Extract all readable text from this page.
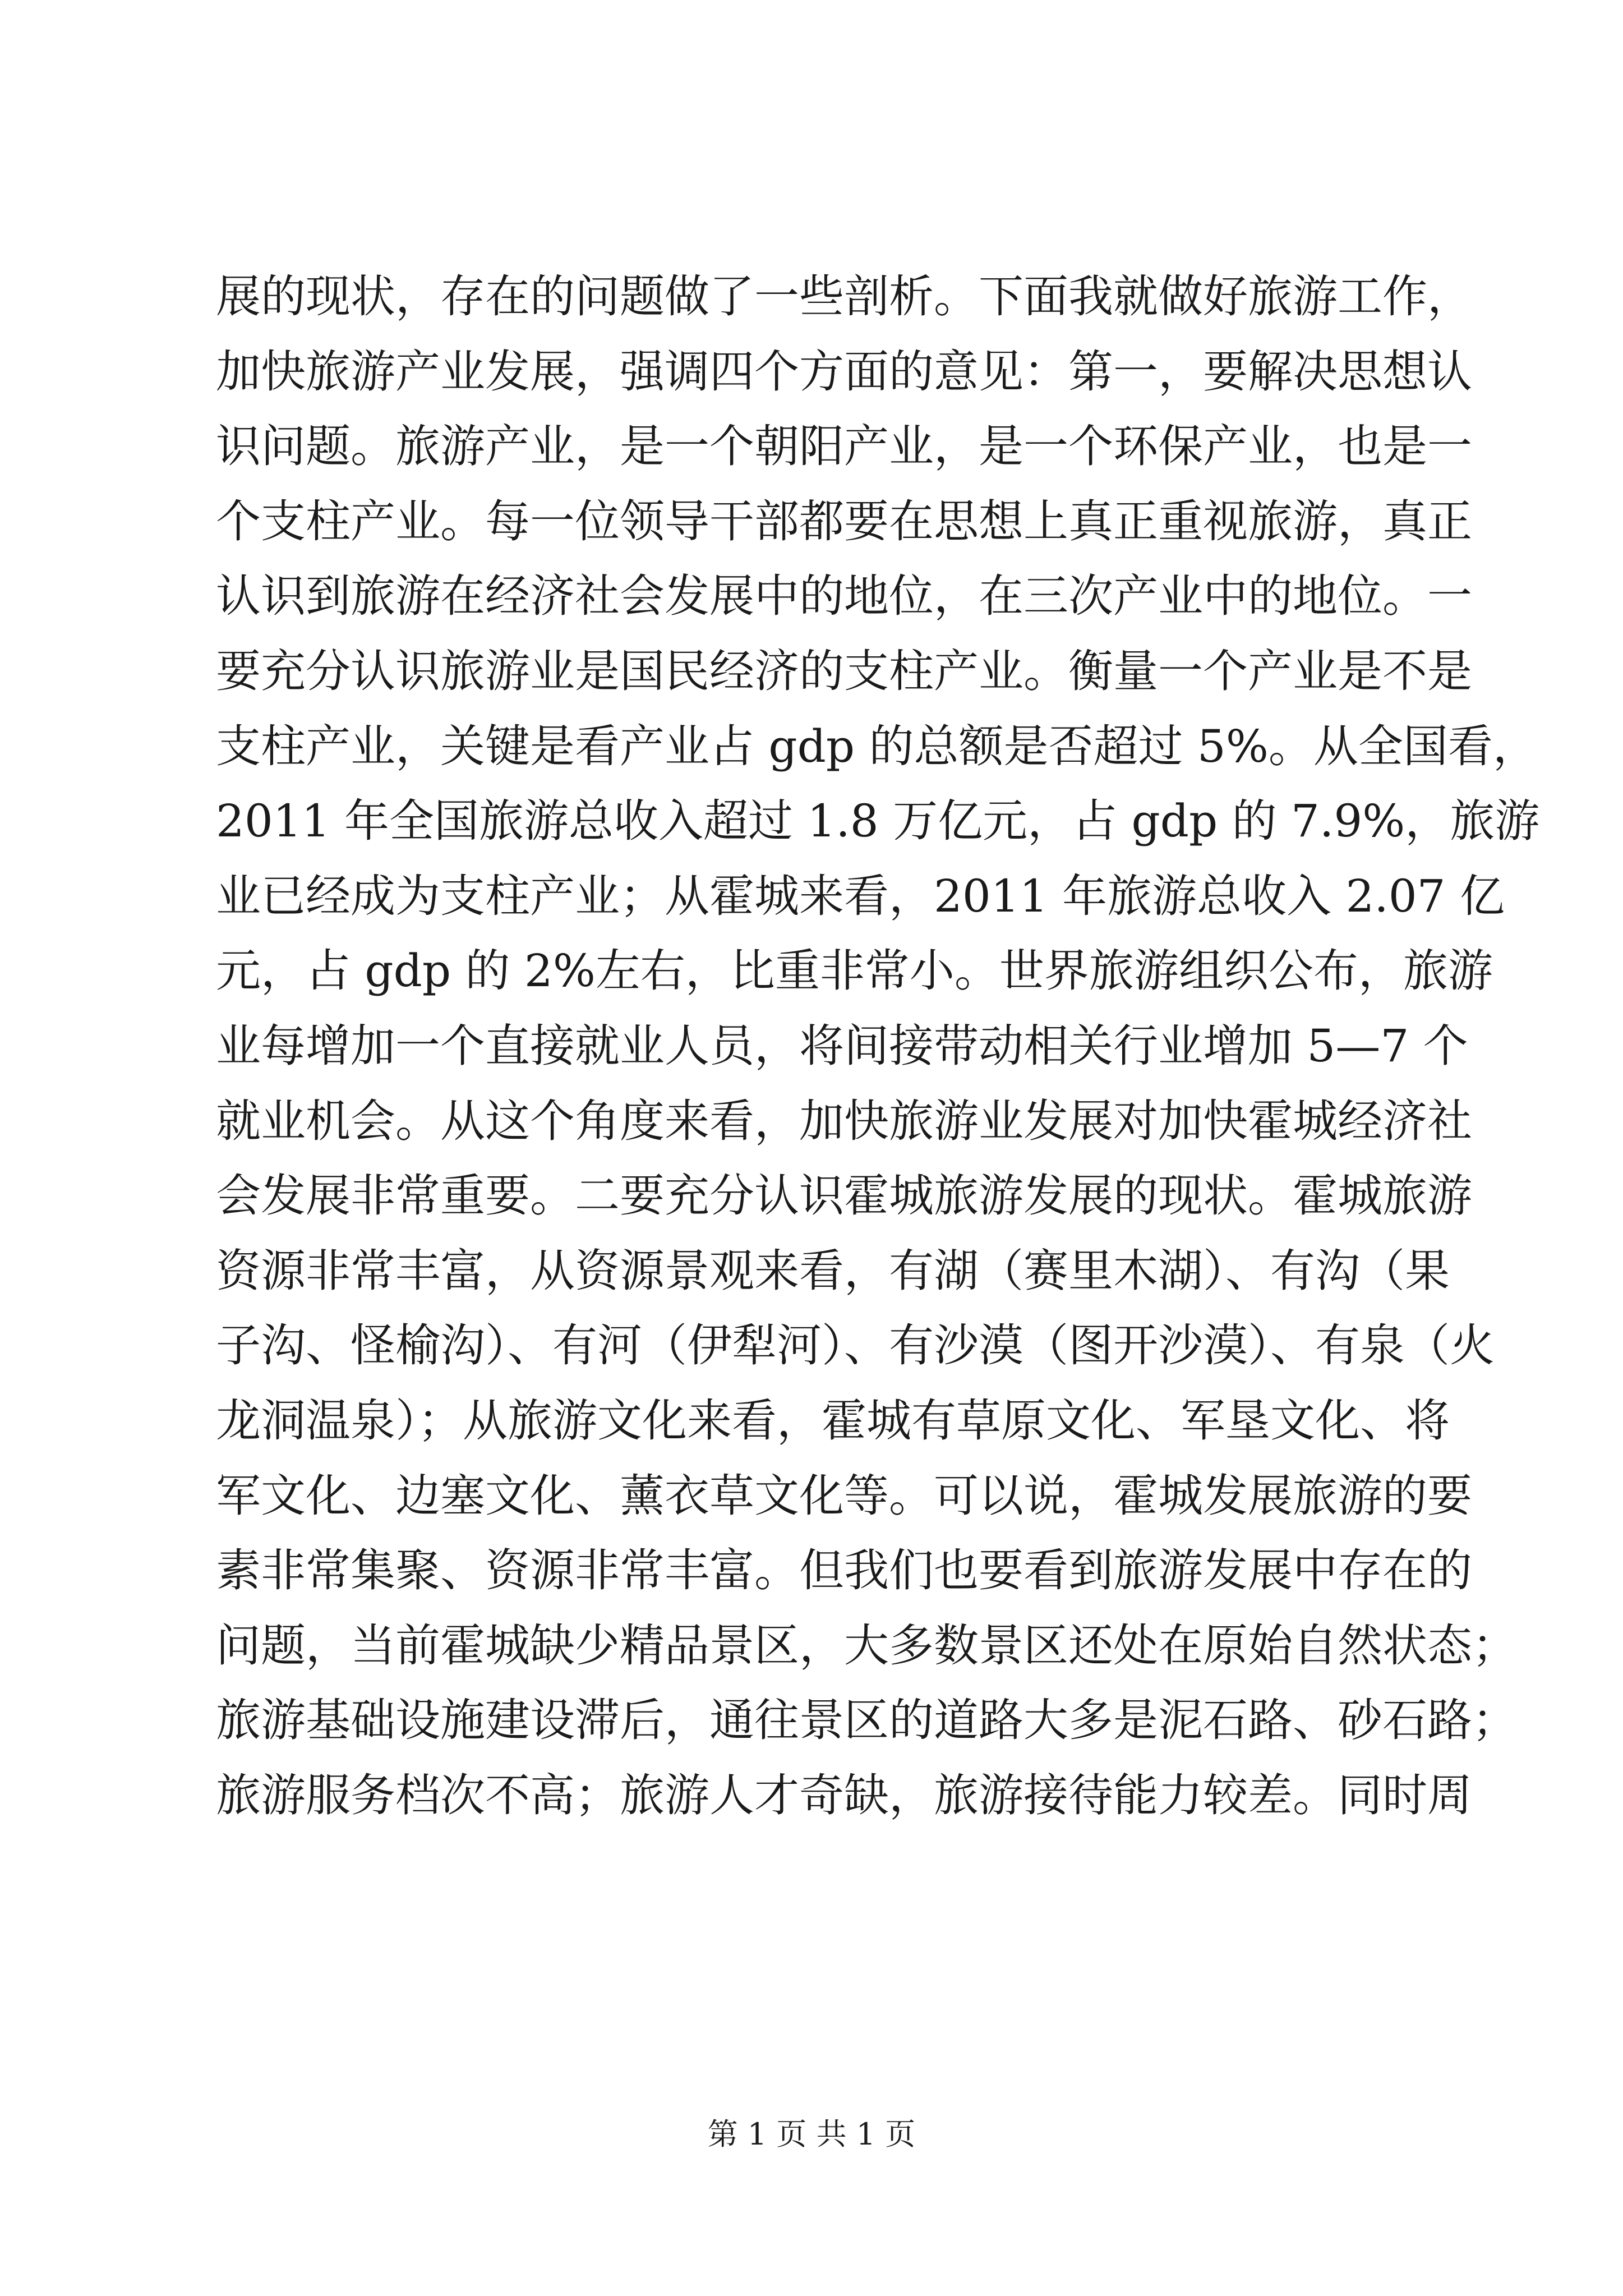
展的现状，存在的问题做了一些剖析。下面我就做好旅游工作，
加快旅游产业发展，强调四个方面的意见：第一，要解决思想认
识问题。旅游产业，是一个朝阳产业，是一个环保产业，也是一
个支柱产业。每一位领导干部都要在思想上真正重视旅游，真正
认识到旅游在经济社会发展中的地位，在三次产业中的地位。一
要充分认识旅游业是国民经济的支柱产业。衡量一个产业是不是
支柱产业，关键是看产业占 gdp 的总额是否超过 5%。从全国看，
2011 年全国旅游总收入超过 1.8 万亿元，占 gdp 的 7.9%，旅游
业已经成为支柱产业；从霍城来看，2011 年旅游总收入 2.07 亿
元，占 gdp 的 2%左右，比重非常小。世界旅游组织公布，旅游
业每增加一个直接就业人员，将间接带动相关行业增加 5—7 个
就业机会。从这个角度来看，加快旅游业发展对加快霍城经济社
会发展非常重要。二要充分认识霍城旅游发展的现状。霍城旅游
资源非常丰富，从资源景观来看，有湖（赛里木湖）、有沟（果
子沟、怪榆沟）、有河（伊犁河）、有沙漠（图开沙漠）、有泉（火
龙洞温泉）；从旅游文化来看，霍城有草原文化、军垦文化、将
军文化、边塞文化、薰衣草文化等。可以说，霍城发展旅游的要
素非常集聚、资源非常丰富。但我们也要看到旅游发展中存在的
问题，当前霍城缺少精品景区，大多数景区还处在原始自然状态；
旅游基础设施建设滞后，通往景区的道路大多是泥石路、砂石路；
旅游服务档次不高；旅游人才奇缺，旅游接待能力较差。同时周
第 1 页 共 1 页
